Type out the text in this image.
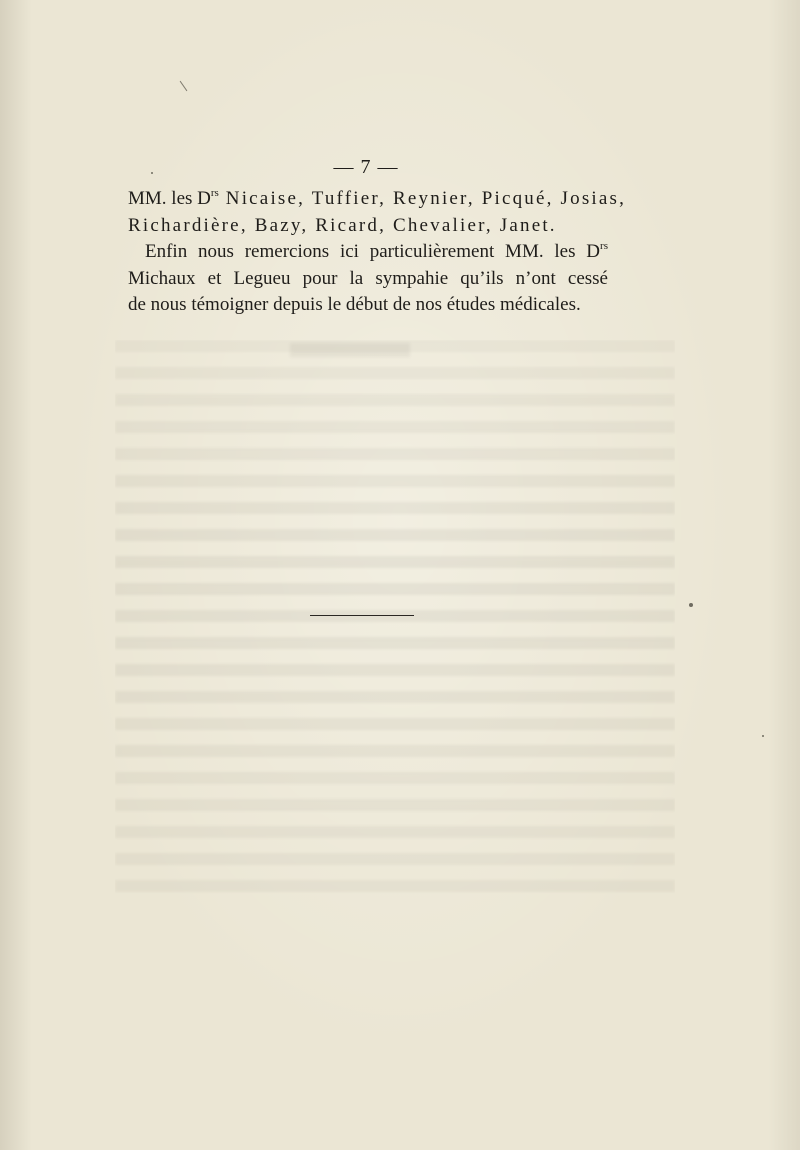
— 7 —
MM. les $D^{rs}$ Nicaise, Tuffier, Reynier, Picqué, Josias,
Richardière, Bazy, Ricard, Chevalier, Janet.
Enfin nous remercions ici particulièrement MM. les $D^{rs}$
Michaux et Legueu pour la sympahie qu’ils n’ont cessé
de nous témoigner depuis le début de nos études médicales.
